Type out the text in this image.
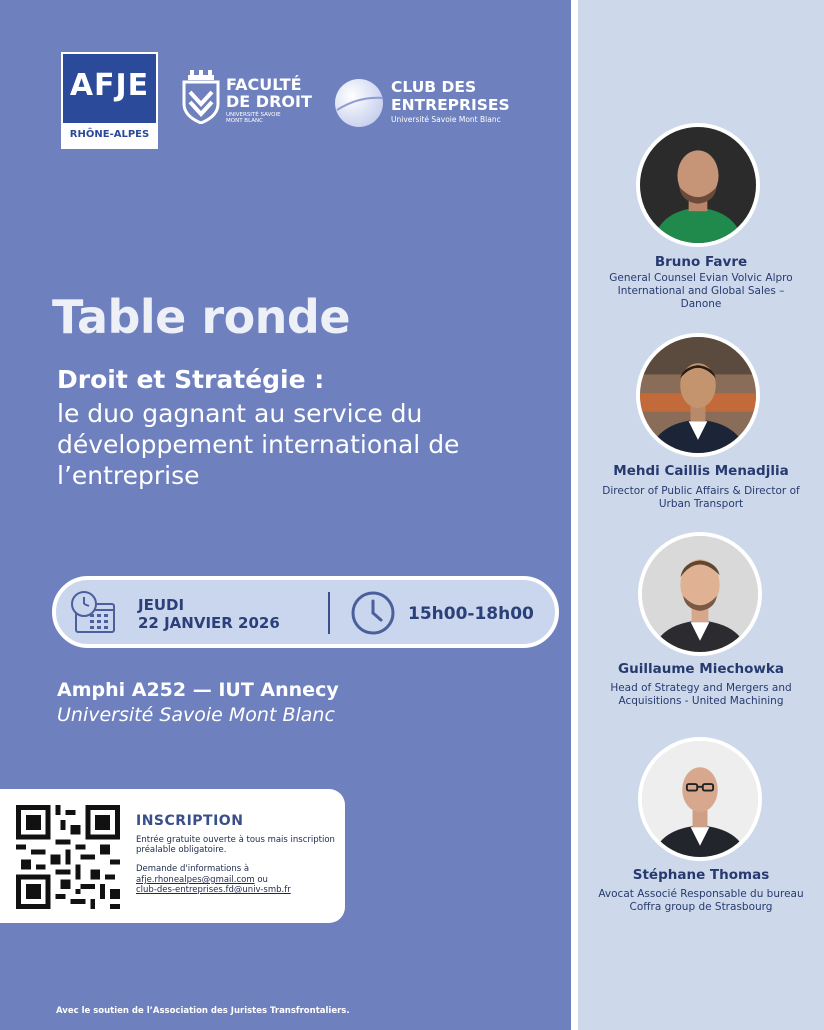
AFJE
RHÔNE-ALPES
FACULTÉ
DE DROIT
UNIVERSITÉ SAVOIE MONT BLANC
CLUB DES
ENTREPRISES
Université Savoie Mont Blanc
Table ronde
Droit et Stratégie :
le duo gagnant au service du développement international de l’entreprise
JEUDI
22 JANVIER 2026	15h00-18h00
Amphi A252 — IUT Annecy
Université Savoie Mont Blanc
INSCRIPTION
Entrée gratuite ouverte à tous mais inscription préalable obligatoire.
Demande d'informations à
afje.rhonealpes@gmail.com ou
club-des-entreprises.fd@univ-smb.fr
Avec le soutien de l’Association des Juristes Transfrontaliers.
Bruno Favre
General Counsel Evian Volvic Alpro International and Global Sales – Danone
Mehdi Caillis Menadjlia
Director of Public Affairs & Director of Urban Transport
Guillaume Miechowka
Head of Strategy and Mergers and Acquisitions - United Machining
Stéphane Thomas
Avocat Associé Responsable du bureau Coffra group de Strasbourg
